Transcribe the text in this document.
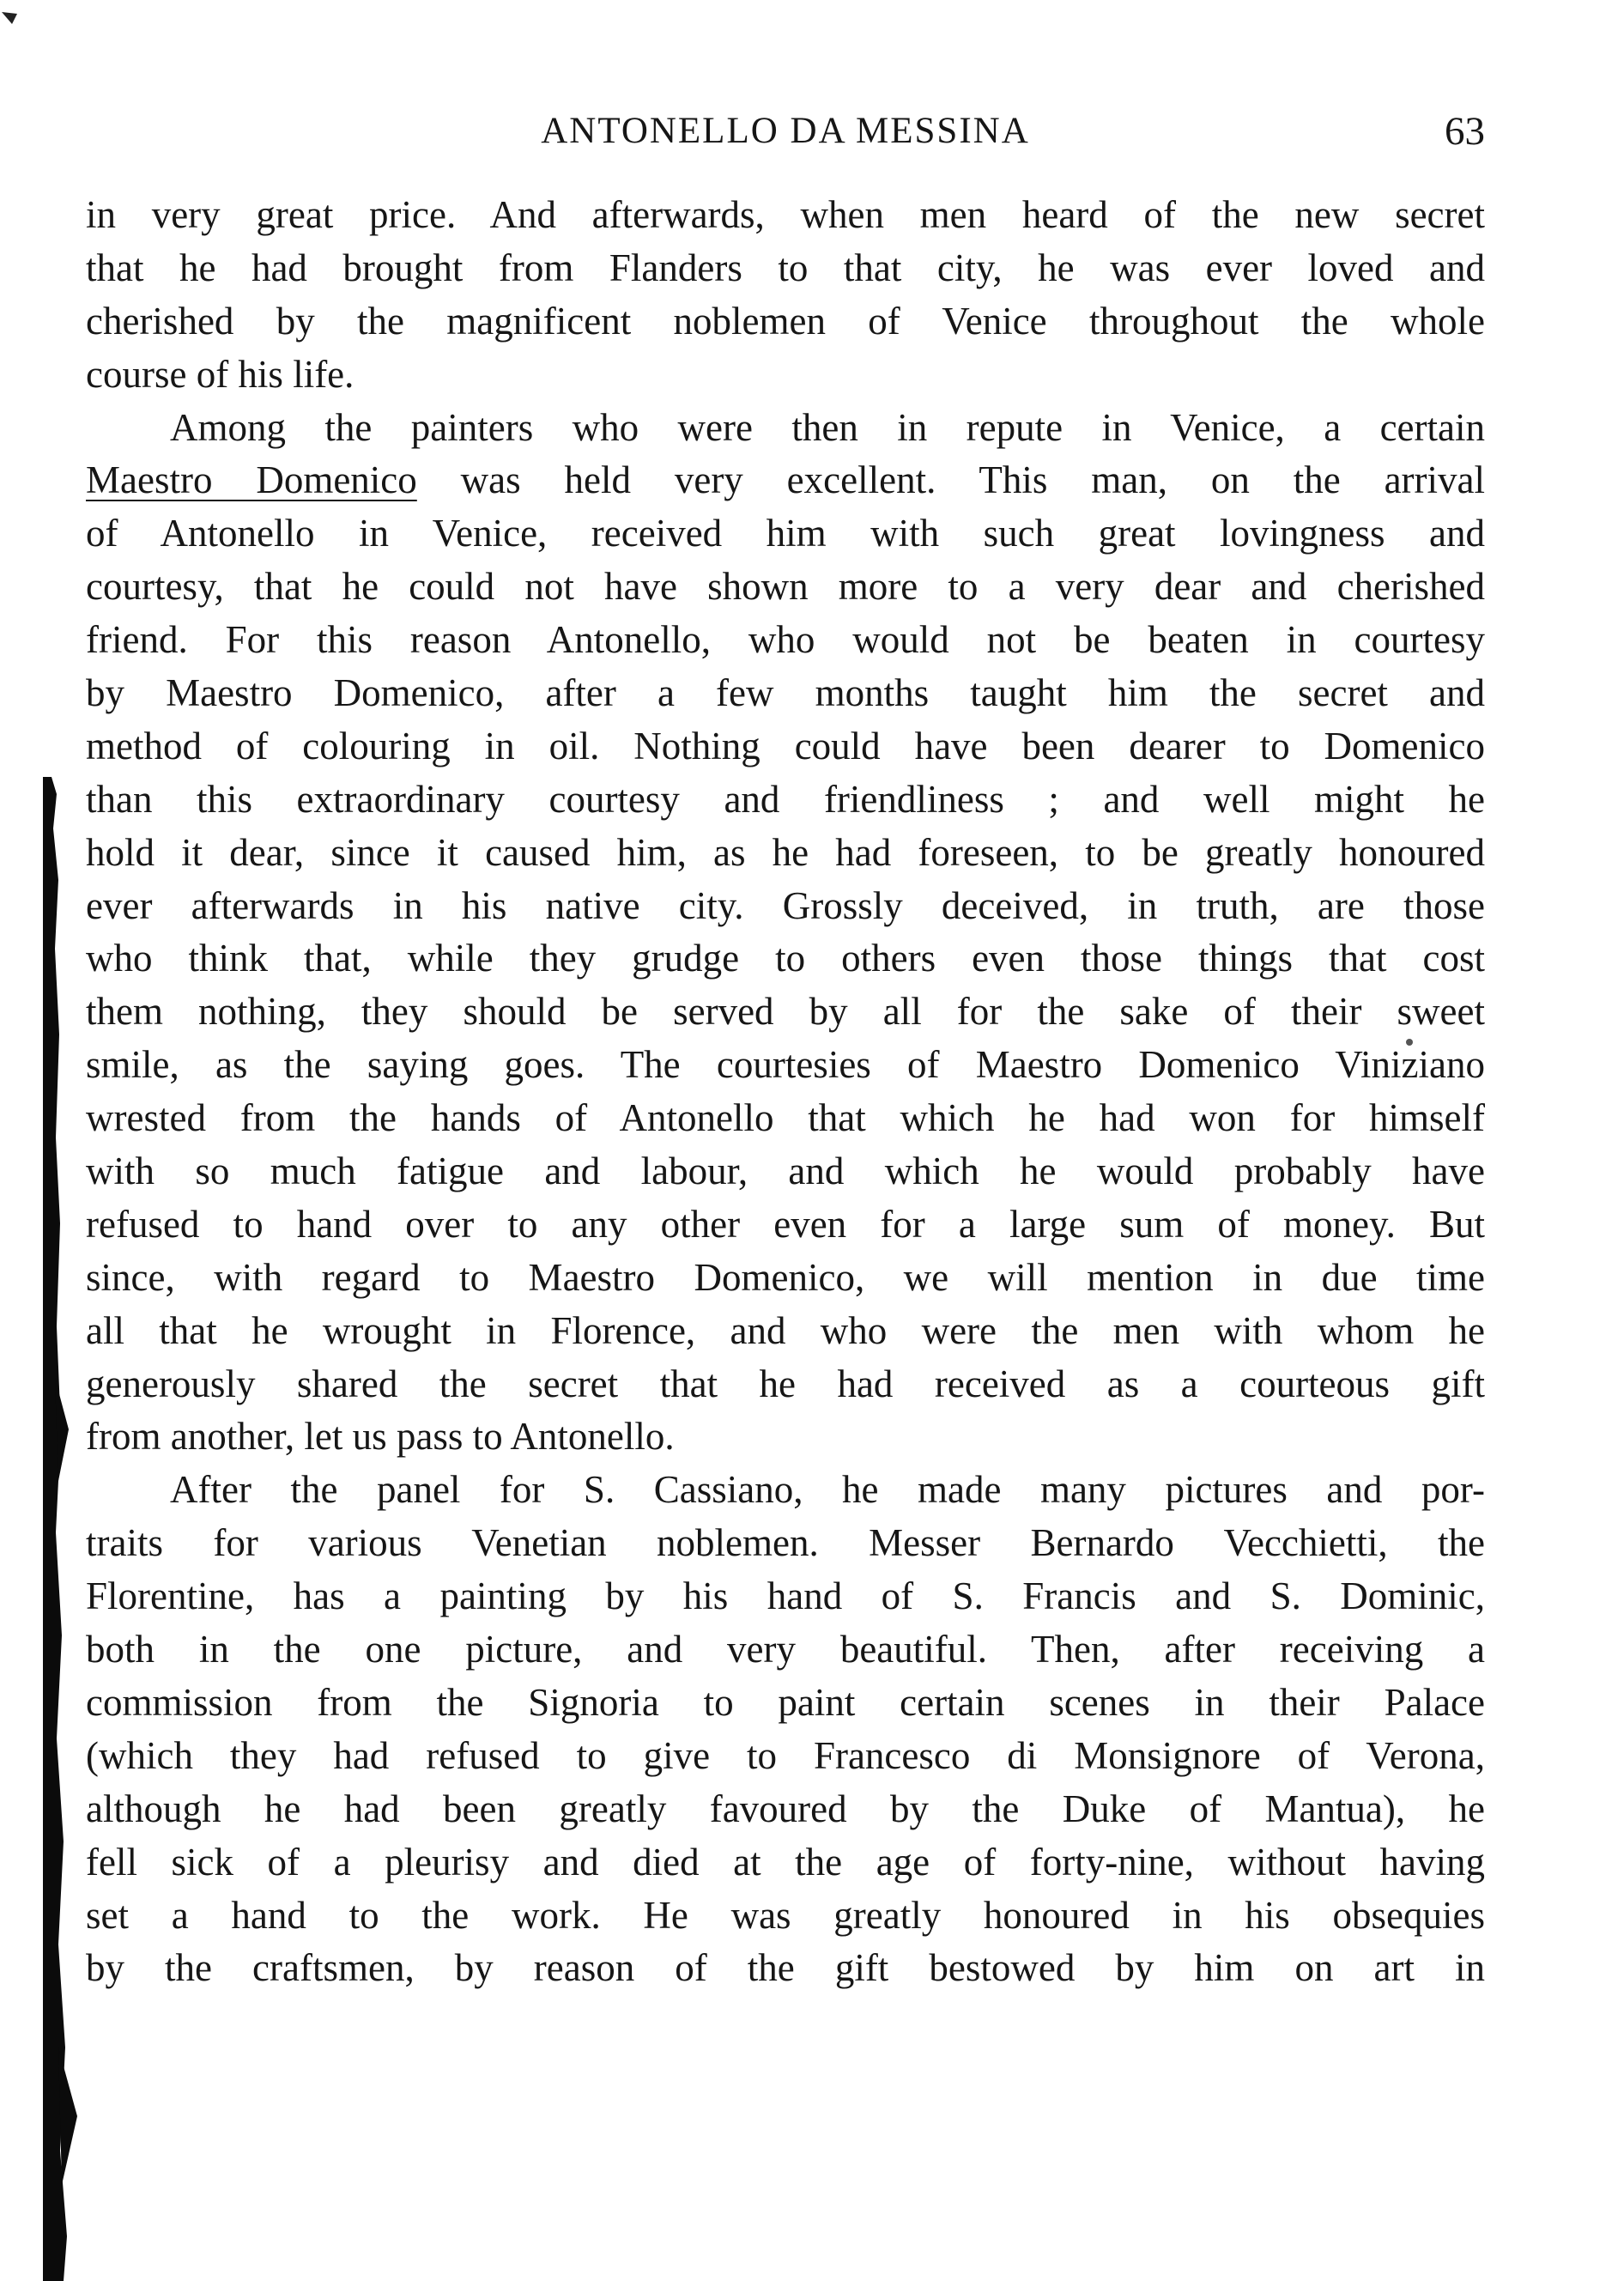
ANTONELLO DA MESSINA	63

in very great price. And afterwards, when men heard of the new secret
that he had brought from Flanders to that city, he was ever loved and
cherished by the magnificent noblemen of Venice throughout the whole
course of his life.

Among the painters who were then in repute in Venice, a certain
Maestro Domenico was held very excellent. This man, on the arrival
of Antonello in Venice, received him with such great lovingness and
courtesy, that he could not have shown more to a very dear and cherished
friend. For this reason Antonello, who would not be beaten in courtesy
by Maestro Domenico, after a few months taught him the secret and
method of colouring in oil. Nothing could have been dearer to Domenico
than this extraordinary courtesy and friendliness ; and well might he
hold it dear, since it caused him, as he had foreseen, to be greatly honoured
ever afterwards in his native city. Grossly deceived, in truth, are those
who think that, while they grudge to others even those things that cost
them nothing, they should be served by all for the sake of their sweet
smile, as the saying goes. The courtesies of Maestro Domenico Viniziano
wrested from the hands of Antonello that which he had won for himself
with so much fatigue and labour, and which he would probably have
refused to hand over to any other even for a large sum of money. But
since, with regard to Maestro Domenico, we will mention in due time
all that he wrought in Florence, and who were the men with whom he
generously shared the secret that he had received as a courteous gift
from another, let us pass to Antonello.

After the panel for S. Cassiano, he made many pictures and por-
traits for various Venetian noblemen. Messer Bernardo Vecchietti, the
Florentine, has a painting by his hand of S. Francis and S. Dominic,
both in the one picture, and very beautiful. Then, after receiving a
commission from the Signoria to paint certain scenes in their Palace
(which they had refused to give to Francesco di Monsignore of Verona,
although he had been greatly favoured by the Duke of Mantua), he
fell sick of a pleurisy and died at the age of forty-nine, without having
set a hand to the work. He was greatly honoured in his obsequies
by the craftsmen, by reason of the gift bestowed by him on art in
